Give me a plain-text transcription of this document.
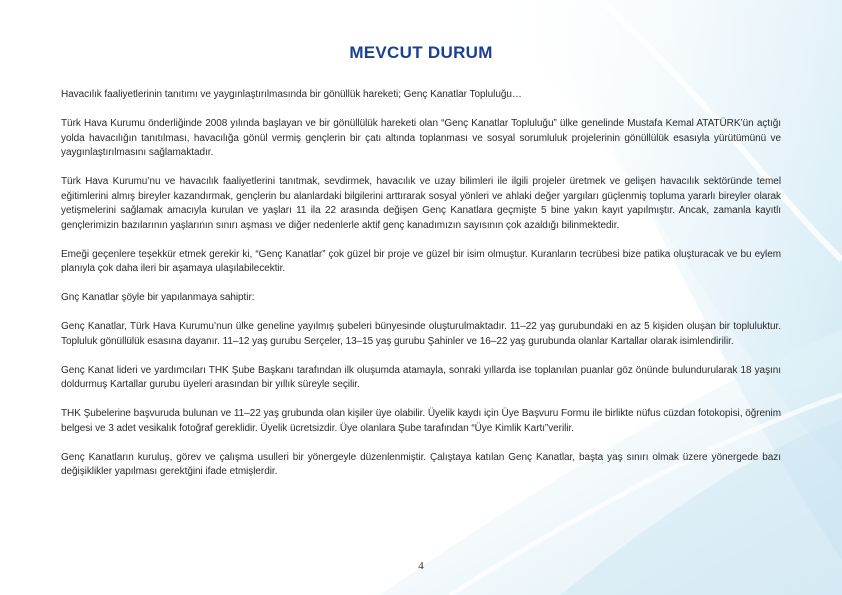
MEVCUT DURUM

Havacılık faaliyetlerinin tanıtımı ve yaygınlaştırılmasında bir gönüllük hareketi; Genç Kanatlar Topluluğu…

Türk Hava Kurumu önderliğinde 2008 yılında başlayan ve bir gönüllülük hareketi olan “Genç Kanatlar Topluluğu” ülke genelinde Mustafa Kemal ATATÜRK’ün açtığı yolda havacılığın tanıtılması, havacılığa gönül vermiş gençlerin bir çatı altında toplanması ve sosyal sorumluluk projelerinin gönüllülük esasıyla yürütümünü ve yaygınlaştırılmasını sağlamaktadır.

Türk Hava Kurumu’nu ve havacılık faaliyetlerini tanıtmak, sevdirmek, havacılık ve uzay bilimleri ile ilgili projeler üretmek ve gelişen havacılık sektöründe temel eğitimlerini almış bireyler kazandırmak, gençlerin bu alanlardaki bilgilerini arttırarak sosyal yönleri ve ahlaki değer yargıları güçlenmiş topluma yararlı bireyler olarak yetişmelerini sağlamak amacıyla kurulan ve yaşları 11 ila 22 arasında değişen Genç Kanatlara geçmişte 5 bine yakın kayıt yapılmıştır. Ancak, zamanla kayıtlı gençlerimizin bazılarının yaşlarının sınırı aşması ve diğer nedenlerle aktif genç kanadımızın sayısının çok azaldığı bilinmektedir.

Emeği geçenlere teşekkür etmek gerekir ki, “Genç Kanatlar” çok güzel bir proje ve güzel bir isim olmuştur. Kuranların tecrübesi bize patika oluşturacak ve bu eylem planıyla çok daha ileri bir aşamaya ulaşılabilecektir.

Gnç Kanatlar şöyle bir yapılanmaya sahiptir:

Genç Kanatlar, Türk Hava Kurumu’nun ülke geneline yayılmış şubeleri bünyesinde oluşturulmaktadır. 11–22 yaş gurubundaki en az 5 kişiden oluşan bir topluluktur. Topluluk gönüllülük esasına dayanır. 11–12 yaş gurubu Serçeler, 13–15 yaş gurubu Şahinler ve 16–22 yaş gurubunda olanlar Kartallar olarak isimlendirilir.

Genç Kanat lideri ve yardımcıları THK Şube Başkanı tarafından ilk oluşumda atamayla, sonraki yıllarda ise toplanılan puanlar göz önünde bulundurularak 18 yaşını doldurmuş Kartallar gurubu üyeleri arasından bir yıllık süreyle seçilir.

THK Şubelerine başvuruda bulunan ve 11–22 yaş grubunda olan kişiler üye olabilir. Üyelik kaydı için Üye Başvuru Formu ile birlikte nüfus cüzdan fotokopisi, öğrenim belgesi ve 3 adet vesikalık fotoğraf gereklidir. Üyelik ücretsizdir. Üye olanlara Şube tarafından “Üye Kimlik Kartı”verilir.

Genç Kanatların kuruluş, görev ve çalışma usulleri bir yönergeyle düzenlenmiştir. Çalıştaya katılan Genç Kanatlar, başta yaş sınırı olmak üzere yönergede bazı değişiklikler yapılması gerektğini ifade etmişlerdir.

4
